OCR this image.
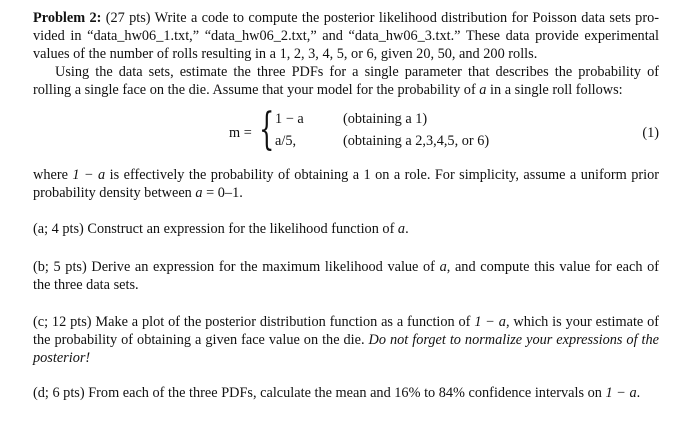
Problem 2: (27 pts) Write a code to compute the posterior likelihood distribution for Poisson data sets pro-
vided in “data_hw06_1.txt,” “data_hw06_2.txt,” and “data_hw06_3.txt.” These data provide experimental
values of the number of rolls resulting in a 1, 2, 3, 4, 5, or 6, given 20, 50, and 200 rolls.
Using the data sets, estimate the three PDFs for a single parameter that describes the probability of
rolling a single face on the die. Assume that your model for the probability of a in a single roll follows:
m = { 1 − a	(obtaining a 1)
a/5,	(obtaining a 2,3,4,5, or 6)	(1)
where 1 − a is effectively the probability of obtaining a 1 on a role. For simplicity, assume a uniform prior
probability density between a = 0–1.
(a; 4 pts) Construct an expression for the likelihood function of a.
(b; 5 pts) Derive an expression for the maximum likelihood value of a, and compute this value for each of
the three data sets.
(c; 12 pts) Make a plot of the posterior distribution function as a function of 1 − a, which is your estimate of
the probability of obtaining a given face value on the die. Do not forget to normalize your expressions of the
posterior!
(d; 6 pts) From each of the three PDFs, calculate the mean and 16% to 84% confidence intervals on 1 − a.
